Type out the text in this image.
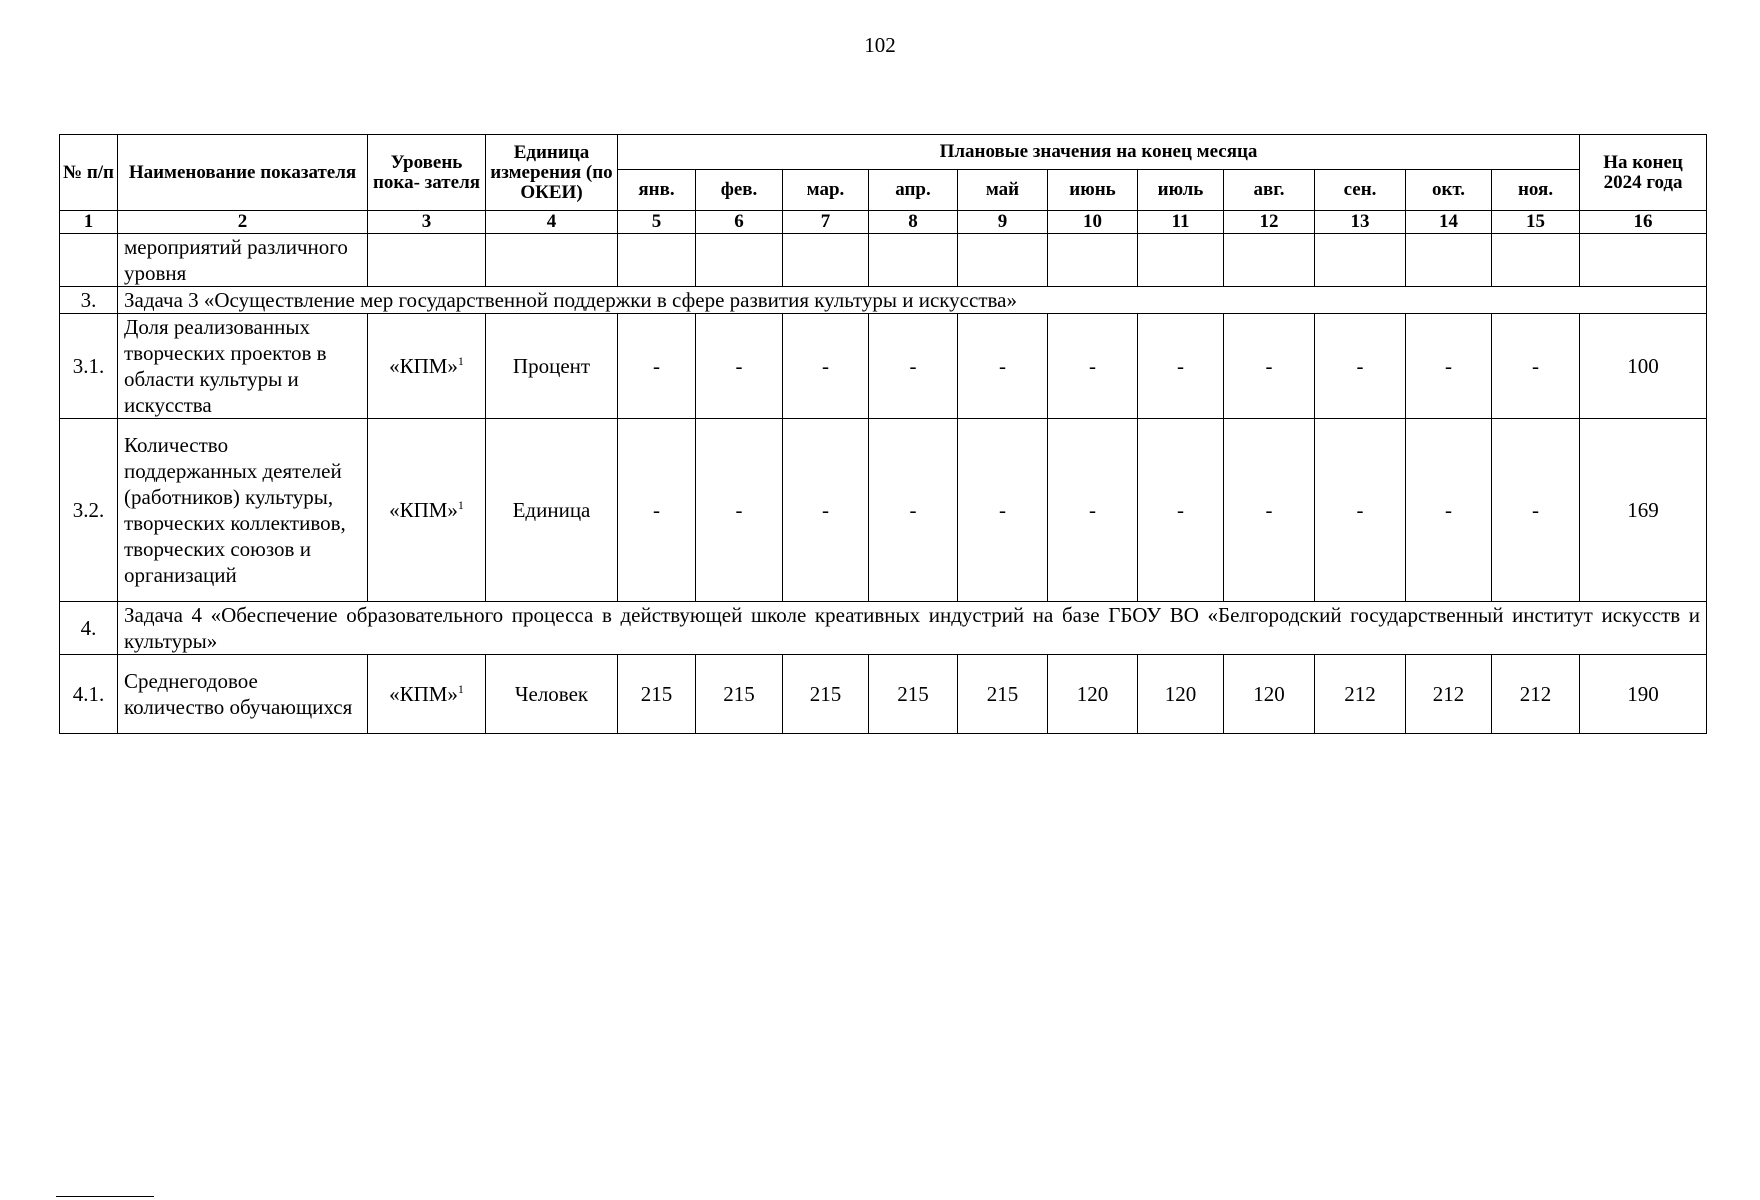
102
№ п/п	Наименование показателя	Уровень пока- зателя	Единица измерения (по ОКЕИ)	Плановые значения на конец месяца											На конец 2024 года
				янв.	фев.	мар.	апр.	май	июнь	июль	авг.	сен.	окт.	ноя.	
1	2	3	4	5	6	7	8	9	10	11	12	13	14	15	16
	мероприятий различного уровня														
3.	Задача 3 «Осуществление мер государственной поддержки в сфере развития культуры и искусства»														
3.1.	Доля реализованных творческих проектов в области культуры и искусства	«КПМ»$^1$	Процент	-	-	-	-	-	-	-	-	-	-	-	100
3.2.	Количество поддержанных деятелей (работников) культуры, творческих коллективов, творческих союзов и организаций	«КПМ»$^1$	Единица	-	-	-	-	-	-	-	-	-	-	-	169
4.	Задача 4 «Обеспечение образовательного процесса в действующей школе креативных индустрий на базе ГБОУ ВО «Белгородский государственный институт искусств и культуры»														
4.1.	Среднегодовое количество обучающихся	«КПМ»$^1$	Человек	215	215	215	215	215	120	120	120	212	212	212	190
